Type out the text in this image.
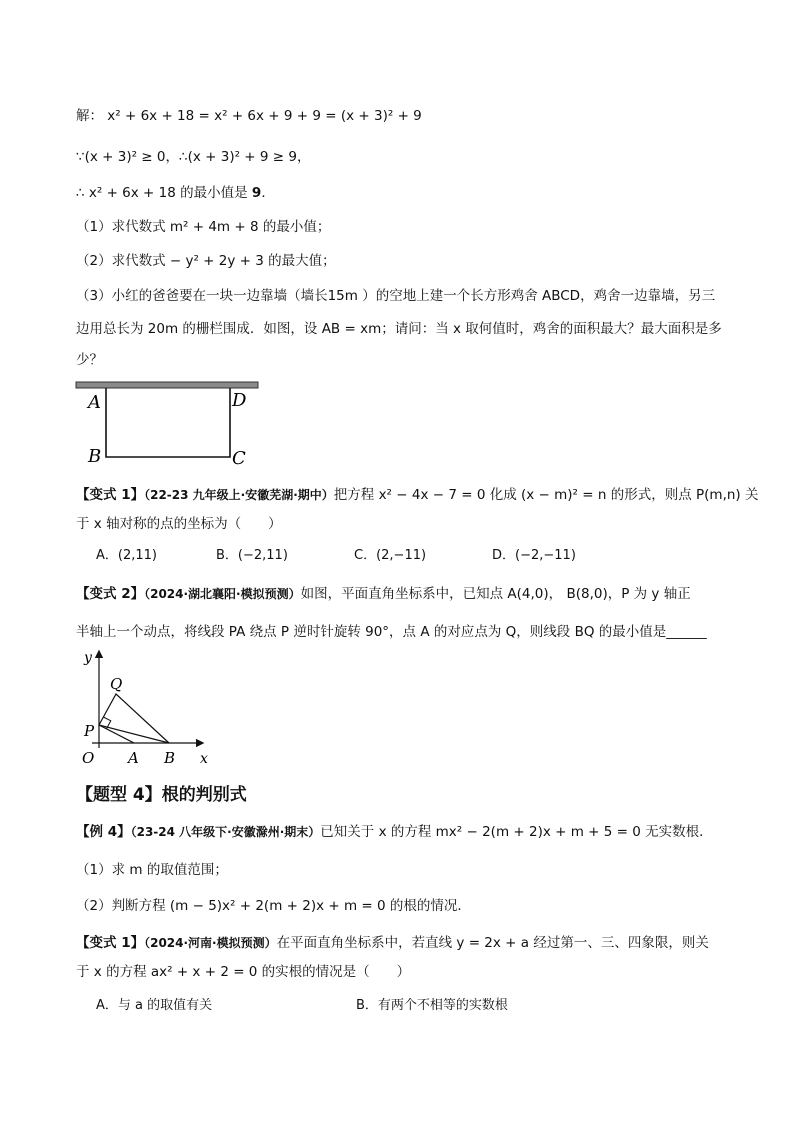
解： x² + 6x + 18 = x² + 6x + 9 + 9 = (x + 3)² + 9
∵(x + 3)² ≥ 0，∴(x + 3)² + 9 ≥ 9，
∴ x² + 6x + 18 的最小值是 9．
（1）求代数式 m² + 4m + 8 的最小值；
（2）求代数式 − y² + 2y + 3 的最大值；
（3）小红的爸爸要在一块一边靠墙（墙长15m ）的空地上建一个长方形鸡舍 ABCD，鸡舍一边靠墙，另三
边用总长为 20m 的栅栏围成．如图，设 AB = xm；请问：当 x 取何值时，鸡舍的面积最大？最大面积是多
少？
A	D
B	C
【变式 1】（22-23 九年级上·安徽芜湖·期中）把方程 x² − 4x − 7 = 0 化成 (x − m)² = n 的形式，则点 P(m,n) 关
于 x 轴对称的点的坐标为（　　）
A．(2,11)	B．(−2,11)	C．(2,−11)	D．(−2,−11)
【变式 2】（2024·湖北襄阳·模拟预测）如图，平面直角坐标系中，已知点 A(4,0)， B(8,0)，P 为 y 轴正
半轴上一个动点，将线段 PA 绕点 P 逆时针旋转 90°，点 A 的对应点为 Q，则线段 BQ 的最小值是______
y
x
Q
P
O A B
【题型 4】根的判别式
【例 4】（23-24 八年级下·安徽滁州·期末）已知关于 x 的方程 mx² − 2(m + 2)x + m + 5 = 0 无实数根．
（1）求 m 的取值范围；
（2）判断方程 (m − 5)x² + 2(m + 2)x + m = 0 的根的情况．
【变式 1】（2024·河南·模拟预测）在平面直角坐标系中，若直线 y = 2x + a 经过第一、三、四象限，则关
于 x 的方程 ax² + x + 2 = 0 的实根的情况是（　　）
A．与 a 的取值有关	B．有两个不相等的实数根
